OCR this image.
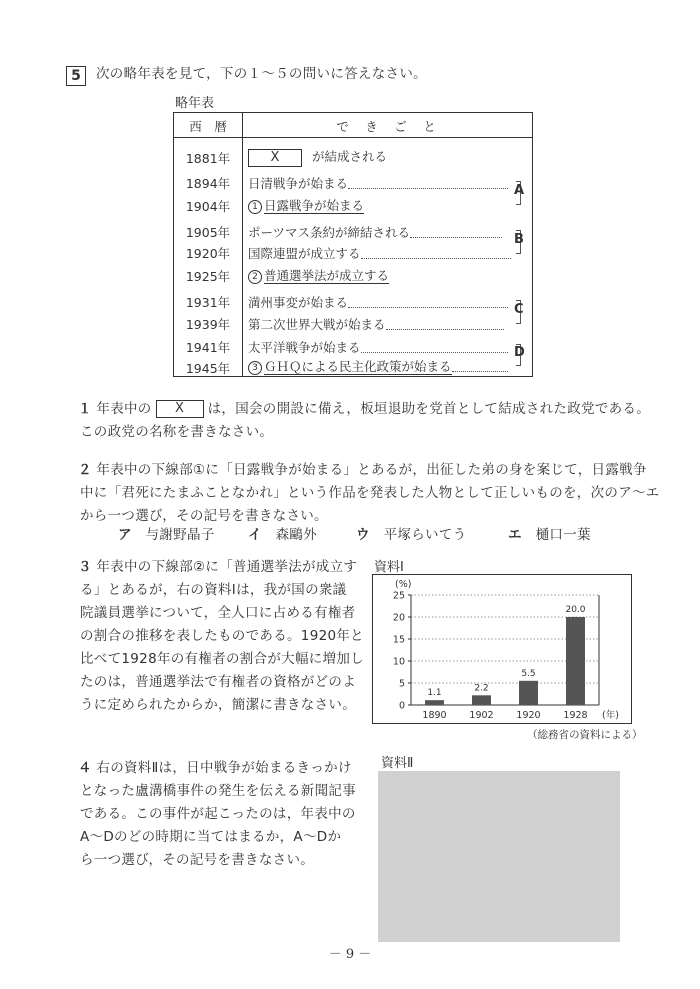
5	次の略年表を見て，下の１～５の問いに答えなさい。
略年表
西　暦	で　き　ご　と
1881年	X	が結成される
1894年	日清戦争が始まる
1904年	1 日露戦争が始まる
1905年	ポーツマス条約が締結される
1920年	国際連盟が成立する
1925年	2 普通選挙法が成立する
1931年	満州事変が始まる
1939年	第二次世界大戦が始まる
1941年	太平洋戦争が始まる
1945年	3 ＧＨＱによる民主化政策が始まる
A
B
C
D
１ 年表中の X は，国会の開設に備え，板垣退助を党首として結成された政党である。
この政党の名称を書きなさい。
２ 年表中の下線部①に「日露戦争が始まる」とあるが，出征した弟の身を案じて，日露戦争
中に「君死にたまふことなかれ」という作品を発表した人物として正しいものを，次のア～エ
から一つ選び，その記号を書きなさい。
ア　 与謝野晶子 イ　 森鷗外	ウ　 平塚らいてう	エ　 樋口一葉
３ 年表中の下線部②に「普通選挙法が成立す
る」とあるが，右の資料Ⅰは，我が国の衆議
院議員選挙について，全人口に占める有権者
の割合の推移を表したものである。1920年と
比べて1928年の有権者の割合が大幅に増加し
たのは，普通選挙法で有権者の資格がどのよ
うに定められたからか，簡潔に書きなさい。
資料Ⅰ
(%)
0
5
10
15
20
25
1.1
1890
2.2
1902
5.5
1920
20.0
1928 (年)
（総務省の資料による）
４ 右の資料Ⅱは，日中戦争が始まるきっかけ
となった盧溝橋事件の発生を伝える新聞記事
である。この事件が起こったのは，年表中の
A～Dのどの時期に当てはまるか，A～Dか
ら一つ選び，その記号を書きなさい。
資料Ⅱ
－ 9 －
